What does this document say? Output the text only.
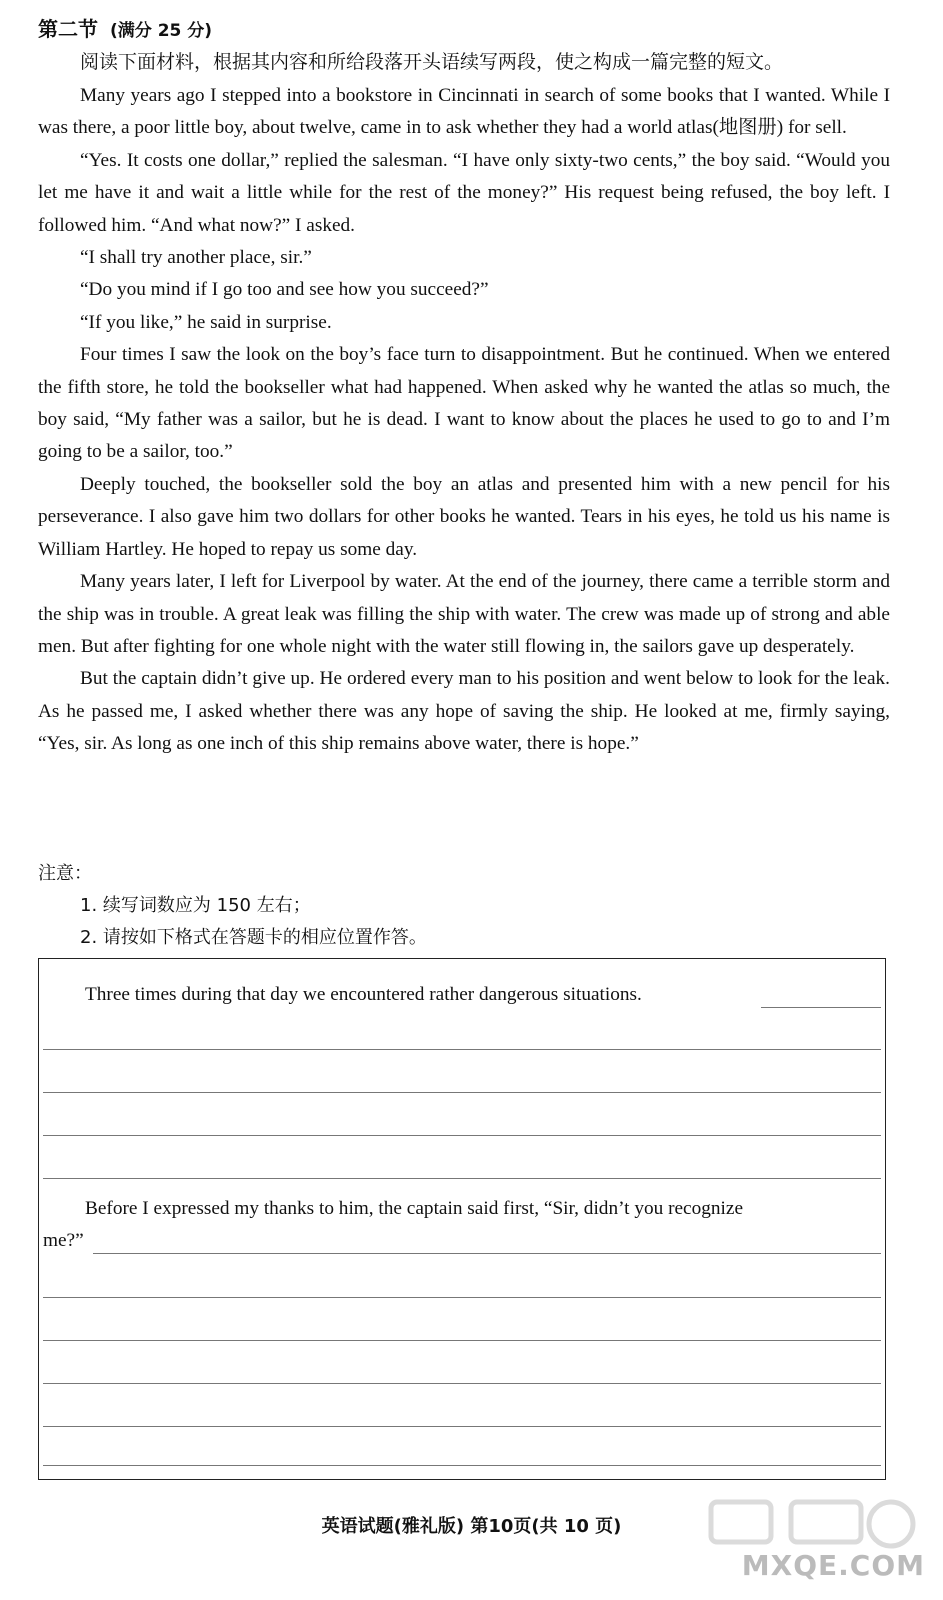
第二节 (满分 25 分)
阅读下面材料，根据其内容和所给段落开头语续写两段，使之构成一篇完整的短文。

Many years ago I stepped into a bookstore in Cincinnati in search of some books that I wanted. While I was there, a poor little boy, about twelve, came in to ask whether they had a world atlas(地图册) for sell.

“Yes. It costs one dollar,” replied the salesman. “I have only sixty-two cents,” the boy said. “Would you let me have it and wait a little while for the rest of the money?” His request being refused, the boy left. I followed him. “And what now?” I asked.

“I shall try another place, sir.”

“Do you mind if I go too and see how you succeed?”

“If you like,” he said in surprise.

Four times I saw the look on the boy’s face turn to disappointment. But he continued. When we entered the fifth store, he told the bookseller what had happened. When asked why he wanted the atlas so much, the boy said, “My father was a sailor, but he is dead. I want to know about the places he used to go to and I’m going to be a sailor, too.”

Deeply touched, the bookseller sold the boy an atlas and presented him with a new pencil for his perseverance. I also gave him two dollars for other books he wanted. Tears in his eyes, he told us his name is William Hartley. He hoped to repay us some day.

Many years later, I left for Liverpool by water. At the end of the journey, there came a terrible storm and the ship was in trouble. A great leak was filling the ship with water. The crew was made up of strong and able men. But after fighting for one whole night with the water still flowing in, the sailors gave up desperately.

But the captain didn’t give up. He ordered every man to his position and went below to look for the leak. As he passed me, I asked whether there was any hope of saving the ship. He looked at me, firmly saying, “Yes, sir. As long as one inch of this ship remains above water, there is hope.”

注意：
1. 续写词数应为 150 左右；
2. 请按如下格式在答题卡的相应位置作答。
Three times during that day we encountered rather dangerous situations.
Before I expressed my thanks to him, the captain said first, “Sir, didn’t you recognize
me?”
英语试题(雅礼版) 第10页(共 10 页)
MXQE.COM
